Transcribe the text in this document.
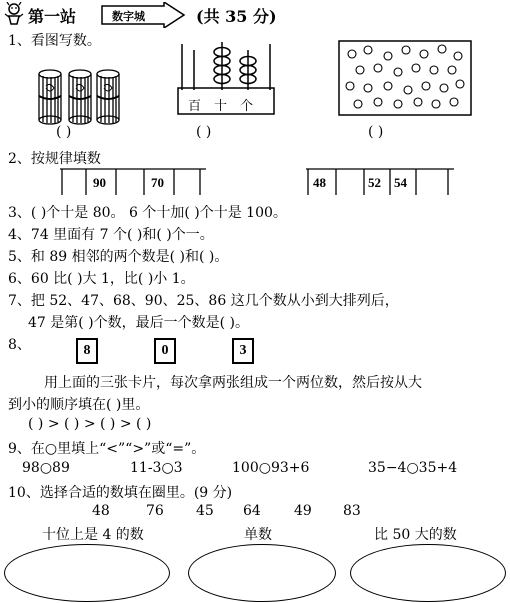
第一站	数字城	(共 35 分)
1、看图写数。
百 十 个
( )	( )	( )
2、按规律填数
90	70	48	52 54
3、( )个十是 80。 6 个十加( )个十是 100。
4、74 里面有 7 个( )和( )个一。
5、和 89 相邻的两个数是( )和( )。
6、60 比( )大 1，比( )小 1。
7、把 52、47、68、90、25、86 这几个数从小到大排列后，
47 是第( )个数，最后一个数是( )。
8、	8	0	3
用上面的三张卡片，每次拿两张组成一个两位数，然后按从大
到小的顺序填在( )里。
( ) > ( ) > ( ) > ( )
9、在○里填上“<”“>”或“=”。
98○89	11-3○3	100○93+6	35−4○35+4
10、选择合适的数填在圈里。(9 分)
48	76 45 64 49 83
十位上是 4 的数	单数	比 50 大的数
